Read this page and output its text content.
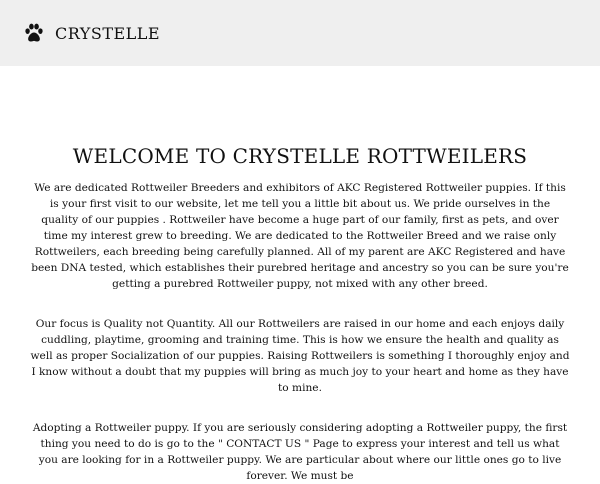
CRYSTELLE
WELCOME TO CRYSTELLE ROTTWEILERS

We are dedicated Rottweiler Breeders and exhibitors of AKC Registered Rottweiler puppies. If this is your first visit to our website, let me tell you a little bit about us. We pride ourselves in the quality of our puppies . Rottweiler have become a huge part of our family, first as pets, and over time my interest grew to breeding. We are dedicated to the Rottweiler Breed and we raise only Rottweilers, each breeding being carefully planned. All of my parent are AKC Registered and have been DNA tested, which establishes their purebred heritage and ancestry so you can be sure you're getting a purebred Rottweiler puppy, not mixed with any other breed.

Our focus is Quality not Quantity. All our Rottweilers are raised in our home and each enjoys daily cuddling, playtime, grooming and training time. This is how we ensure the health and quality as well as proper Socialization of our puppies. Raising Rottweilers is something I thoroughly enjoy and I know without a doubt that my puppies will bring as much joy to your heart and home as they have to mine.

Adopting a Rottweiler puppy. If you are seriously considering adopting a Rottweiler puppy, the first thing you need to do is go to the " CONTACT US " Page to express your interest and tell us what you are looking for in a Rottweiler puppy. We are particular about where our little ones go to live forever. We must be
